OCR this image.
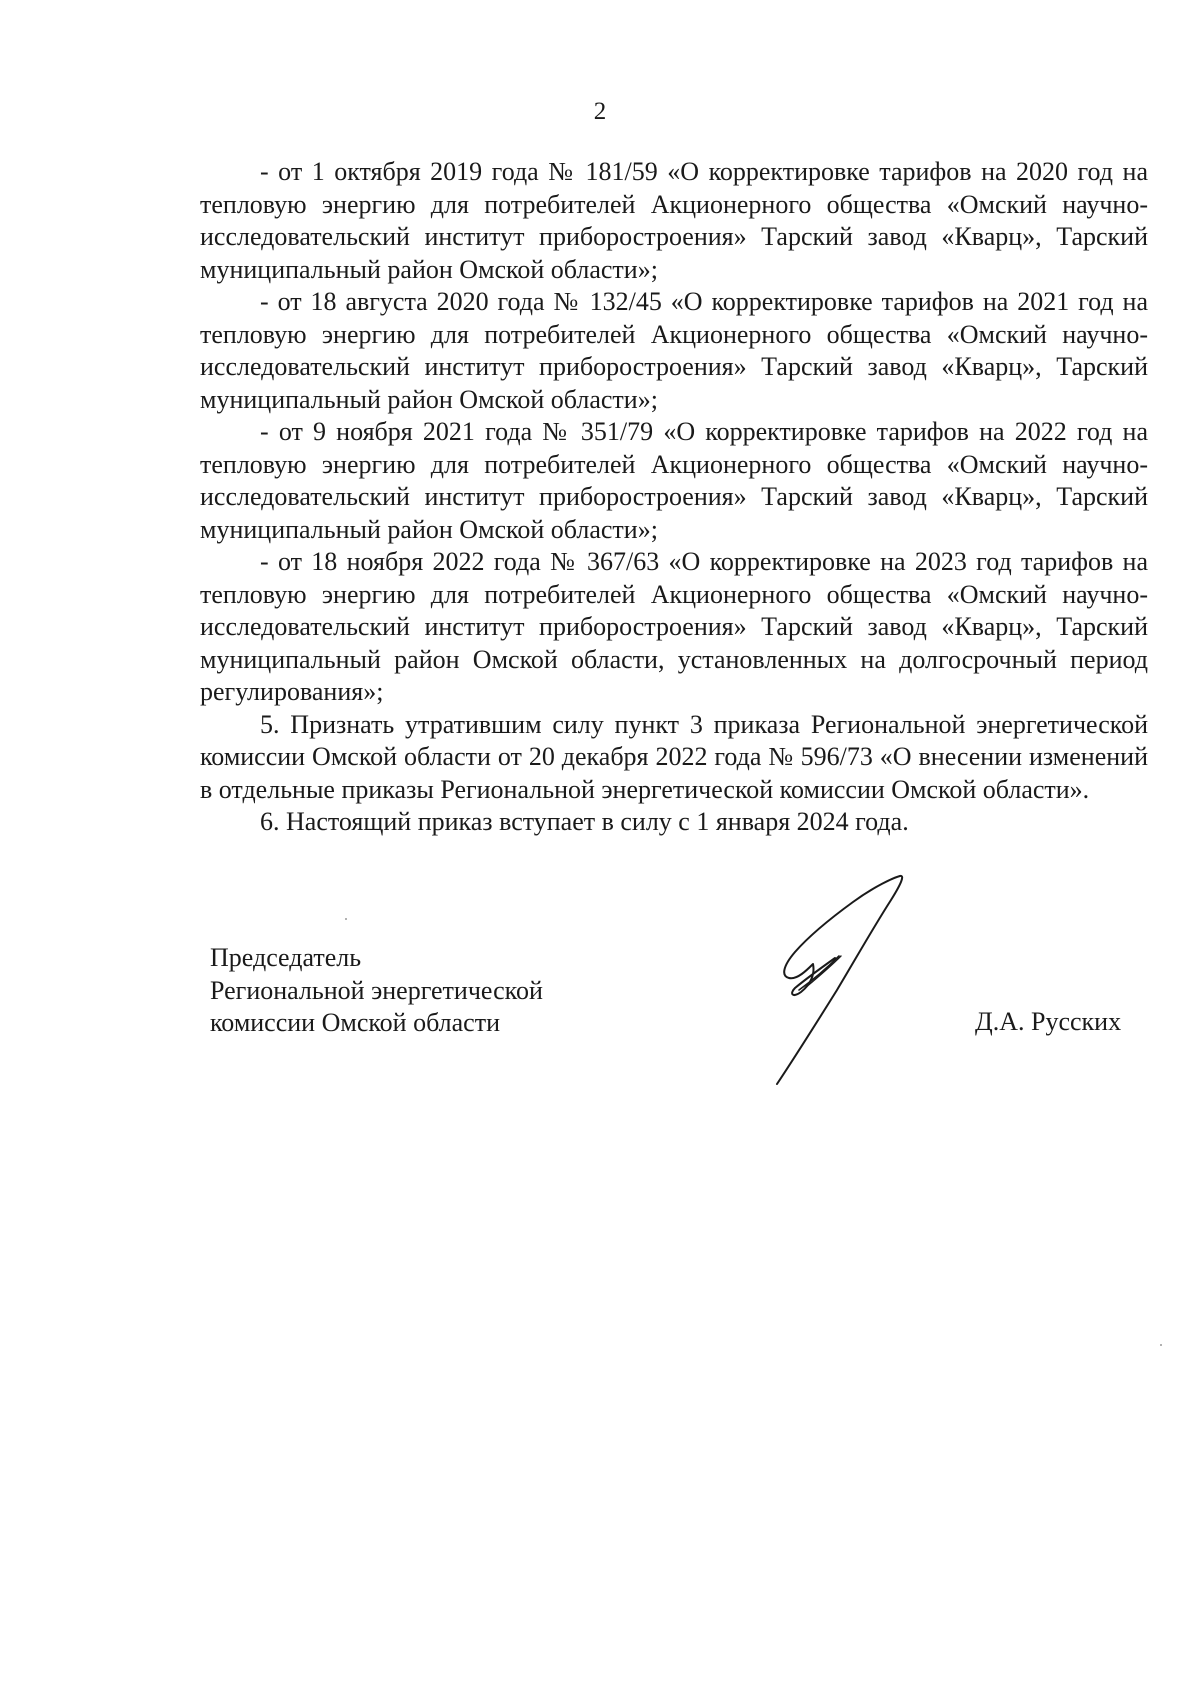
2

- от 1 октября 2019 года № 181/59 «О корректировке тарифов на 2020 год на тепловую энергию для потребителей Акционерного общества «Омский научно-исследовательский институт приборостроения» Тарский завод «Кварц», Тарский муниципальный район Омской области»;

- от 18 августа 2020 года № 132/45 «О корректировке тарифов на 2021 год на тепловую энергию для потребителей Акционерного общества «Омский научно-исследовательский институт приборостроения» Тарский завод «Кварц», Тарский муниципальный район Омской области»;

- от 9 ноября 2021 года № 351/79 «О корректировке тарифов на 2022 год на тепловую энергию для потребителей Акционерного общества «Омский научно-исследовательский институт приборостроения» Тарский завод «Кварц», Тарский муниципальный район Омской области»;

- от 18 ноября 2022 года № 367/63 «О корректировке на 2023 год тарифов на тепловую энергию для потребителей Акционерного общества «Омский научно-исследовательский институт приборостроения» Тарский завод «Кварц», Тарский муниципальный район Омской области, установленных на долгосрочный период регулирования»;

5. Признать утратившим силу пункт 3 приказа Региональной энергетической комиссии Омской области от 20 декабря 2022 года № 596/73 «О внесении изменений в отдельные приказы Региональной энергетической комиссии Омской области».

6. Настоящий приказ вступает в силу с 1 января 2024 года.

Председатель
Региональной энергетической
комиссии Омской области	Д.А. Русских
